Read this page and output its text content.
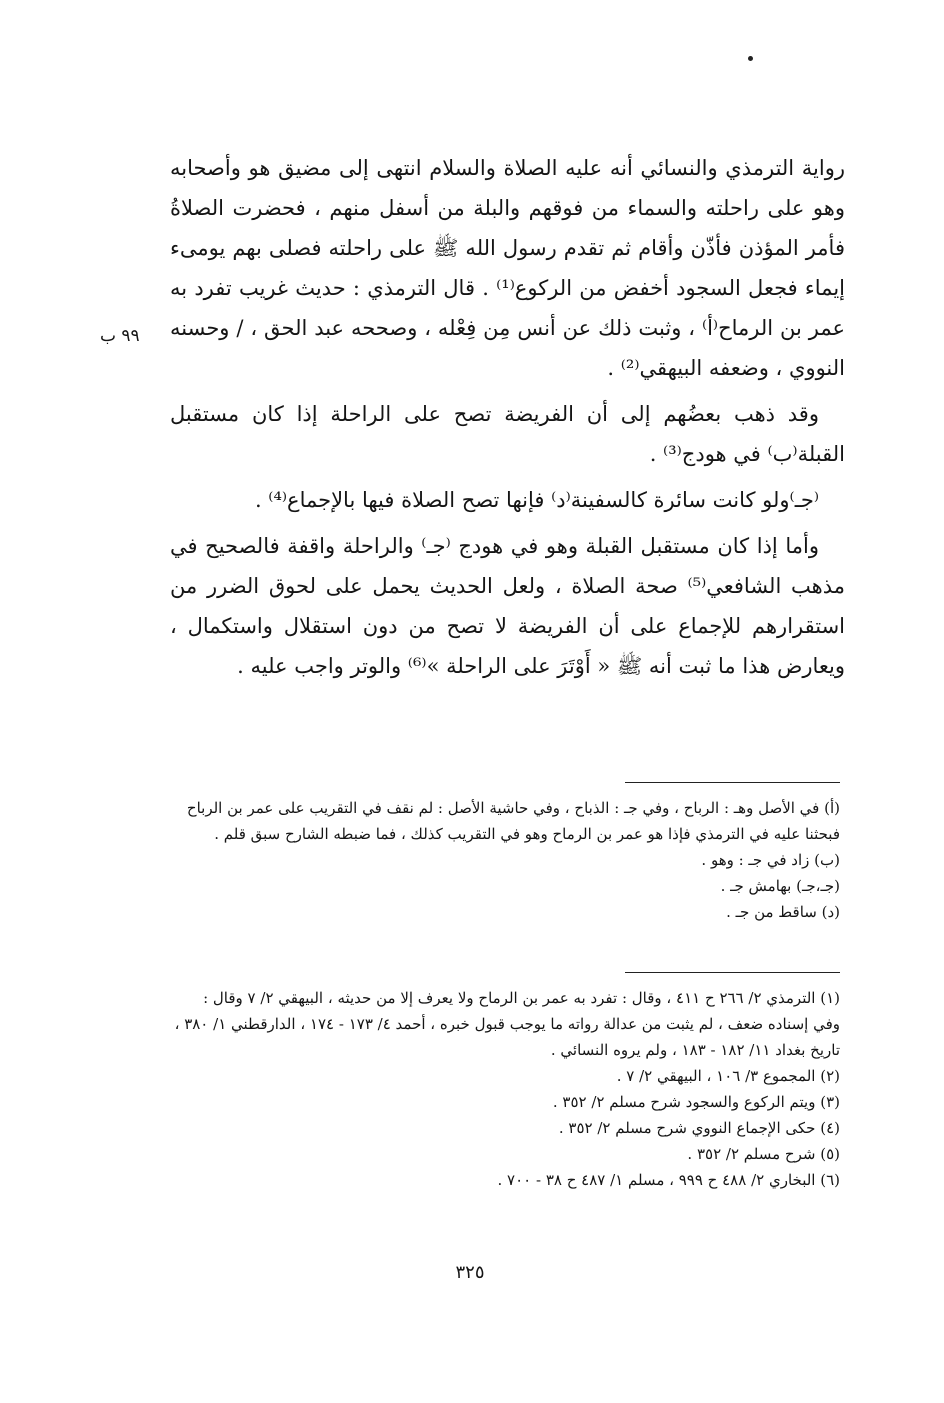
رواية الترمذي والنسائي أنه عليه الصلاة والسلام انتهى إلى مضيق هو وأصحابه وهو على راحلته والسماء من فوقهم والبلة من أسفل منهم ، فحضرت الصلاةُ فأمر المؤذن فأذّن وأقام ثم تقدم رسول الله ﷺ على راحلته فصلى بهم يومىء إيماء فجعل السجود أخفض من الركوع⁽¹⁾ . قال الترمذي : حديث غريب تفرد به عمر بن الرماح⁽أ⁾ ، وثبت ذلك عن أنس مِن فِعْله ، وصححه عبد الحق ، / وحسنه النووي ، وضعفه البيهقي⁽²⁾ .

وقد ذهب بعضُهم إلى أن الفريضة تصح على الراحلة إذا كان مستقبل القبلة⁽ب⁾ في هودج⁽³⁾ .

⁽جـ⁾ولو كانت سائرة كالسفينة⁽د⁾ فإنها تصح الصلاة فيها بالإجماع⁽⁴⁾ .

وأما إذا كان مستقبل القبلة وهو في هودج ⁽جـ⁾ والراحلة واقفة فالصحيح في مذهب الشافعي⁽⁵⁾ صحة الصلاة ، ولعل الحديث يحمل على لحوق الضرر من استقرارهم للإجماع على أن الفريضة لا تصح من دون استقلال واستكمال ، ويعارض هذا ما ثبت أنه ﷺ « أَوْتَرَ على الراحلة »⁽⁶⁾ والوتر واجب عليه .

٩٩ ب

(أ) في الأصل وهـ : الرباح ، وفي جـ : الذباح ، وفي حاشية الأصل : لم نقف في التقريب على عمر بن الرباح فبحثنا عليه في الترمذي فإذا هو عمر بن الرماح وهو في التقريب كذلك ، فما ضبطه الشارح سبق قلم .

(ب) زاد في جـ : وهو .

(جـ،جـ) بهامش جـ .

(د) ساقط من جـ .

(١) الترمذي ٢/ ٢٦٦ ح ٤١١ ، وقال : تفرد به عمر بن الرماح ولا يعرف إلا من حديثه ، البيهقي ٢/ ٧ وقال : وفي إسناده ضعف ، لم يثبت من عدالة رواته ما يوجب قبول خبره ، أحمد ٤/ ١٧٣ - ١٧٤ ، الدارقطني ١/ ٣٨٠ ، تاريخ بغداد ١١/ ١٨٢ - ١٨٣ ، ولم يروه النسائي .

(٢) المجموع ٣/ ١٠٦ ، البيهقي ٢/ ٧ .

(٣) ويتم الركوع والسجود شرح مسلم ٢/ ٣٥٢ .

(٤) حكى الإجماع النووي شرح مسلم ٢/ ٣٥٢ .

(٥) شرح مسلم ٢/ ٣٥٢ .

(٦) البخاري ٢/ ٤٨٨ ح ٩٩٩ ، مسلم ١/ ٤٨٧ ح ٣٨ - ٧٠٠ .

٣٢٥
